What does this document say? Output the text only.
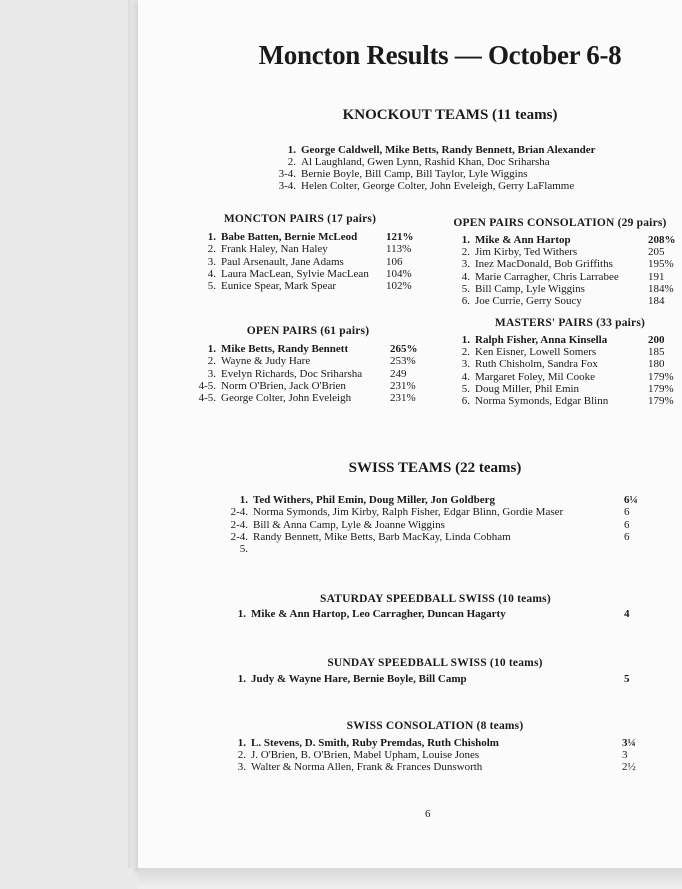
Moncton Results — October 6-8
KNOCKOUT TEAMS (11 teams)
1. George Caldwell, Mike Betts, Randy Bennett, Brian Alexander
2. Al Laughland, Gwen Lynn, Rashid Khan, Doc Sriharsha
3-4. Bernie Boyle, Bill Camp, Bill Taylor, Lyle Wiggins
3-4. Helen Colter, George Colter, John Eveleigh, Gerry LaFlamme
MONCTON PAIRS (17 pairs)
1. Babe Batten, Bernie McLeod	121%
2. Frank Haley, Nan Haley	113%
3. Paul Arsenault, Jane Adams	106
4. Laura MacLean, Sylvie MacLean 104%
5. Eunice Spear, Mark Spear	102%
OPEN PAIRS CONSOLATION (29 pairs)
1. Mike & Ann Hartop	208%
2. Jim Kirby, Ted Withers	205
3. Inez MacDonald, Bob Griffiths	195%
4. Marie Carragher, Chris Larrabee	191
5. Bill Camp, Lyle Wiggins	184%
6. Joe Currie, Gerry Soucy	184
OPEN PAIRS (61 pairs)
1. Mike Betts, Randy Bennett	265%
2. Wayne & Judy Hare	253%
3. Evelyn Richards, Doc Sriharsha	249
4-5. Norm O'Brien, Jack O'Brien	231%
4-5. George Colter, John Eveleigh	231%
MASTERS' PAIRS (33 pairs)
1. Ralph Fisher, Anna Kinsella	200
2. Ken Eisner, Lowell Somers	185
3. Ruth Chisholm, Sandra Fox	180
4. Margaret Foley, Mil Cooke	179%
5. Doug Miller, Phil Emin	179%
6. Norma Symonds, Edgar Blinn	179%
SWISS TEAMS (22 teams)
1. Ted Withers, Phil Emin, Doug Miller, Jon Goldberg	6¼
2-4. Norma Symonds, Jim Kirby, Ralph Fisher, Edgar Blinn, Gordie Maser	6
2-4. Bill & Anna Camp, Lyle & Joanne Wiggins	6
2-4. Randy Bennett, Mike Betts, Barb MacKay, Linda Cobham	6
5.
SATURDAY SPEEDBALL SWISS (10 teams)
1. Mike & Ann Hartop, Leo Carragher, Duncan Hagarty	4
SUNDAY SPEEDBALL SWISS (10 teams)
1. Judy & Wayne Hare, Bernie Boyle, Bill Camp	5
SWISS CONSOLATION (8 teams)
1. L. Stevens, D. Smith, Ruby Premdas, Ruth Chisholm	3¼
2. J. O'Brien, B. O'Brien, Mabel Upham, Louise Jones	3
3. Walter & Norma Allen, Frank & Frances Dunsworth	2½
6
